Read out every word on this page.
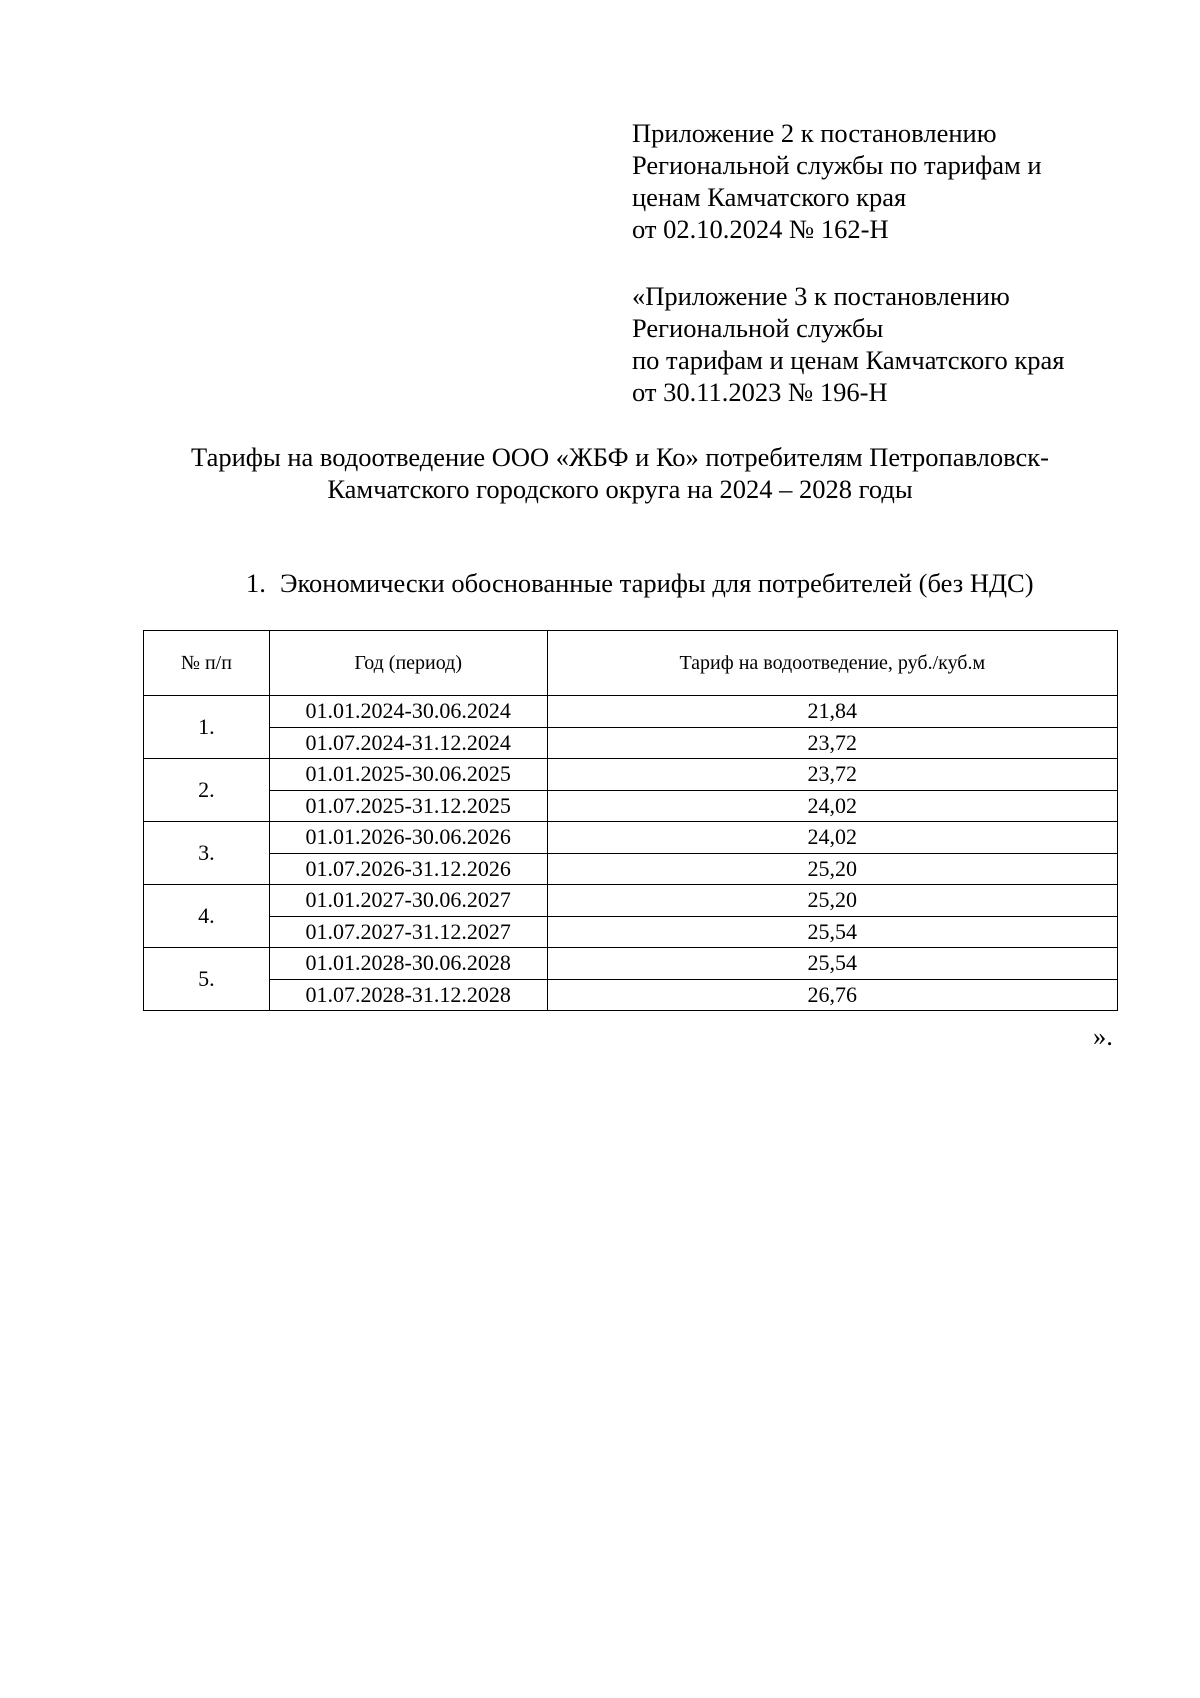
Приложение 2 к постановлению
Региональной службы по тарифам и
ценам Камчатского края
от 02.10.2024 № 162-Н
«Приложение 3 к постановлению
Региональной службы
по тарифам и ценам Камчатского края
от 30.11.2023 № 196-Н
Тарифы на водоотведение ООО «ЖБФ и Ко» потребителям Петропавловск-
Камчатского городского округа на 2024 – 2028 годы
1. Экономически обоснованные тарифы для потребителей (без НДС)
№ п/п	Год (период)	Тариф на водоотведение, руб./куб.м
1.	01.01.2024-30.06.2024	21,84
	01.07.2024-31.12.2024	23,72
2.	01.01.2025-30.06.2025	23,72
	01.07.2025-31.12.2025	24,02
3.	01.01.2026-30.06.2026	24,02
	01.07.2026-31.12.2026	25,20
4.	01.01.2027-30.06.2027	25,20
	01.07.2027-31.12.2027	25,54
5.	01.01.2028-30.06.2028	25,54
	01.07.2028-31.12.2028	26,76
».
